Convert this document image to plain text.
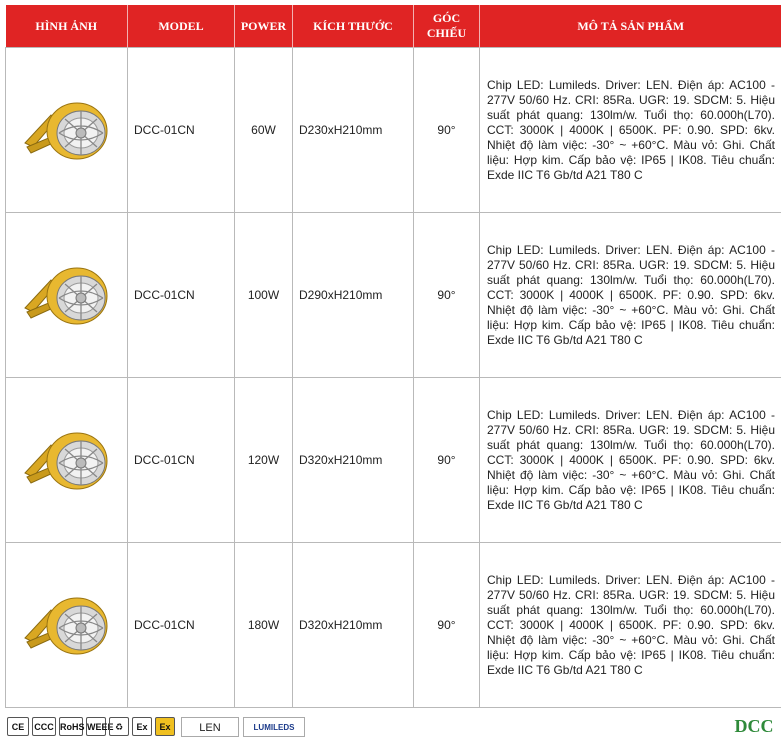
HÌNH ẢNH	MODEL	POWER	KÍCH THƯỚC	GÓC CHIẾU	MÔ TẢ SẢN PHẨM
	DCC-01CN	60W	D230xH210mm	90°	Chip LED: Lumileds. Driver: LEN. Điện áp: AC100 - 277V 50/60 Hz. CRI: 85Ra. UGR: 19. SDCM: 5. Hiệu suất phát quang: 130lm/w. Tuổi thọ: 60.000h(L70). CCT: 3000K | 4000K | 6500K. PF: 0.90. SPD: 6kv. Nhiệt độ làm việc: -30° ~ +60°C. Màu vỏ: Ghi. Chất liệu: Hợp kim. Cấp bảo vệ: IP65 | IK08. Tiêu chuẩn: Exde IIC T6 Gb/td A21 T80 C
	DCC-01CN	100W	D290xH210mm	90°	Chip LED: Lumileds. Driver: LEN. Điện áp: AC100 - 277V 50/60 Hz. CRI: 85Ra. UGR: 19. SDCM: 5. Hiệu suất phát quang: 130lm/w. Tuổi thọ: 60.000h(L70). CCT: 3000K | 4000K | 6500K. PF: 0.90. SPD: 6kv. Nhiệt độ làm việc: -30° ~ +60°C. Màu vỏ: Ghi. Chất liệu: Hợp kim. Cấp bảo vệ: IP65 | IK08. Tiêu chuẩn: Exde IIC T6 Gb/td A21 T80 C
	DCC-01CN	120W	D320xH210mm	90°	Chip LED: Lumileds. Driver: LEN. Điện áp: AC100 - 277V 50/60 Hz. CRI: 85Ra. UGR: 19. SDCM: 5. Hiệu suất phát quang: 130lm/w. Tuổi thọ: 60.000h(L70). CCT: 3000K | 4000K | 6500K. PF: 0.90. SPD: 6kv. Nhiệt độ làm việc: -30° ~ +60°C. Màu vỏ: Ghi. Chất liệu: Hợp kim. Cấp bảo vệ: IP65 | IK08. Tiêu chuẩn: Exde IIC T6 Gb/td A21 T80 C
	DCC-01CN	180W	D320xH210mm	90°	Chip LED: Lumileds. Driver: LEN. Điện áp: AC100 - 277V 50/60 Hz. CRI: 85Ra. UGR: 19. SDCM: 5. Hiệu suất phát quang: 130lm/w. Tuổi thọ: 60.000h(L70). CCT: 3000K | 4000K | 6500K. PF: 0.90. SPD: 6kv. Nhiệt độ làm việc: -30° ~ +60°C. Màu vỏ: Ghi. Chất liệu: Hợp kim. Cấp bảo vệ: IP65 | IK08. Tiêu chuẩn: Exde IIC T6 Gb/td A21 T80 C
CE	CCC RoHS WEEE ♻	Ex	Ex	LEN	LUMILEDS	DCC
